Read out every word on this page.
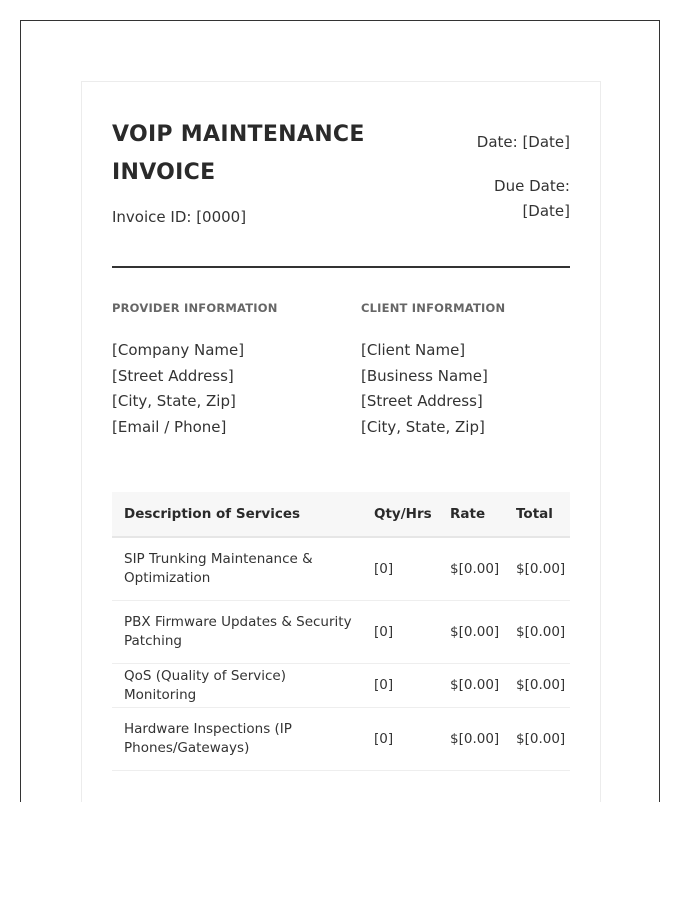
VOIP MAINTENANCE INVOICE
Invoice ID: [0000]
Date: [Date]
Due Date:
[Date]
PROVIDER INFORMATION
[Company Name]
[Street Address]
[City, State, Zip]
[Email / Phone]
CLIENT INFORMATION
[Client Name]
[Business Name]
[Street Address]
[City, State, Zip]
Description of Services	Qty/Hrs	Rate	Total
SIP Trunking Maintenance & Optimization	[0]	$[0.00]	$[0.00]
PBX Firmware Updates & Security Patching	[0]	$[0.00]	$[0.00]
QoS (Quality of Service) Monitoring	[0]	$[0.00]	$[0.00]
Hardware Inspections (IP Phones/Gateways)	[0]	$[0.00]	$[0.00]
